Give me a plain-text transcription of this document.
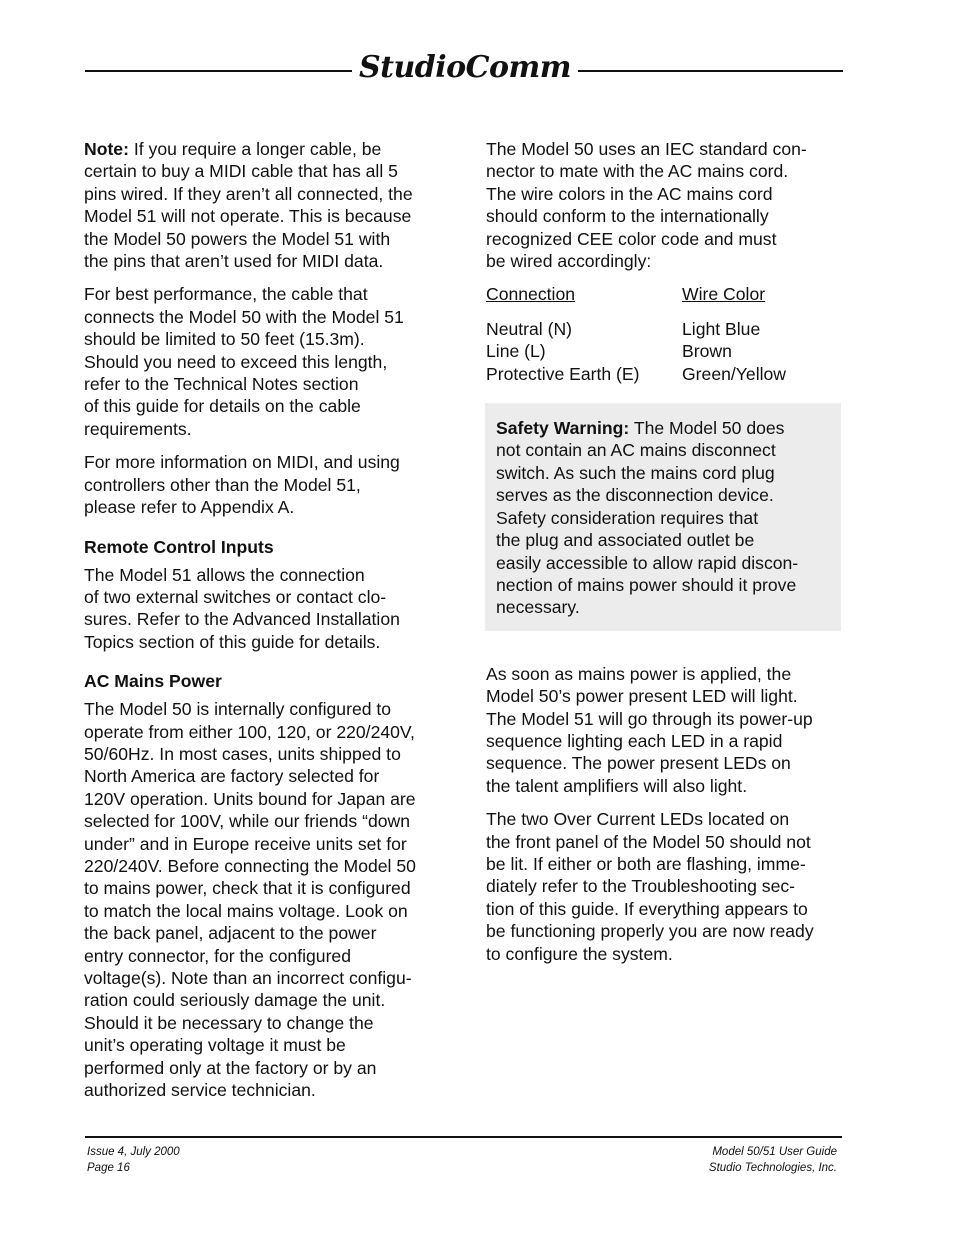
StudioComm

Note: If you require a longer cable, be
certain to buy a MIDI cable that has all 5
pins wired. If they aren’t all connected, the
Model 51 will not operate. This is because
the Model 50 powers the Model 51 with
the pins that aren’t used for MIDI data.

For best performance, the cable that
connects the Model 50 with the Model 51
should be limited to 50 feet (15.3m).
Should you need to exceed this length,
refer to the Technical Notes section
of this guide for details on the cable
requirements.

For more information on MIDI, and using
controllers other than the Model 51,
please refer to Appendix A.

Remote Control Inputs

The Model 51 allows the connection
of two external switches or contact clo-
sures. Refer to the Advanced Installation
Topics section of this guide for details.

AC Mains Power

The Model 50 is internally configured to
operate from either 100, 120, or 220/240V,
50/60Hz. In most cases, units shipped to
North America are factory selected for
120V operation. Units bound for Japan are
selected for 100V, while our friends “down
under” and in Europe receive units set for
220/240V. Before connecting the Model 50
to mains power, check that it is configured
to match the local mains voltage. Look on
the back panel, adjacent to the power
entry connector, for the configured
voltage(s). Note than an incorrect configu-
ration could seriously damage the unit.
Should it be necessary to change the
unit’s operating voltage it must be
performed only at the factory or by an
authorized service technician.

The Model 50 uses an IEC standard con-
nector to mate with the AC mains cord.
The wire colors in the AC mains cord
should conform to the internationally
recognized CEE color code and must
be wired accordingly:

Connection	Wire Color
Neutral (N)	Light Blue
Line (L)	Brown
Protective Earth (E)	Green/Yellow

Safety Warning: The Model 50 does
not contain an AC mains disconnect
switch. As such the mains cord plug
serves as the disconnection device.
Safety consideration requires that
the plug and associated outlet be
easily accessible to allow rapid discon-
nection of mains power should it prove
necessary.

As soon as mains power is applied, the
Model 50’s power present LED will light.
The Model 51 will go through its power-up
sequence lighting each LED in a rapid
sequence. The power present LEDs on
the talent amplifiers will also light.

The two Over Current LEDs located on
the front panel of the Model 50 should not
be lit. If either or both are flashing, imme-
diately refer to the Troubleshooting sec-
tion of this guide. If everything appears to
be functioning properly you are now ready
to configure the system.

Issue 4, July 2000
Page 16
Model 50/51 User Guide
Studio Technologies, Inc.
